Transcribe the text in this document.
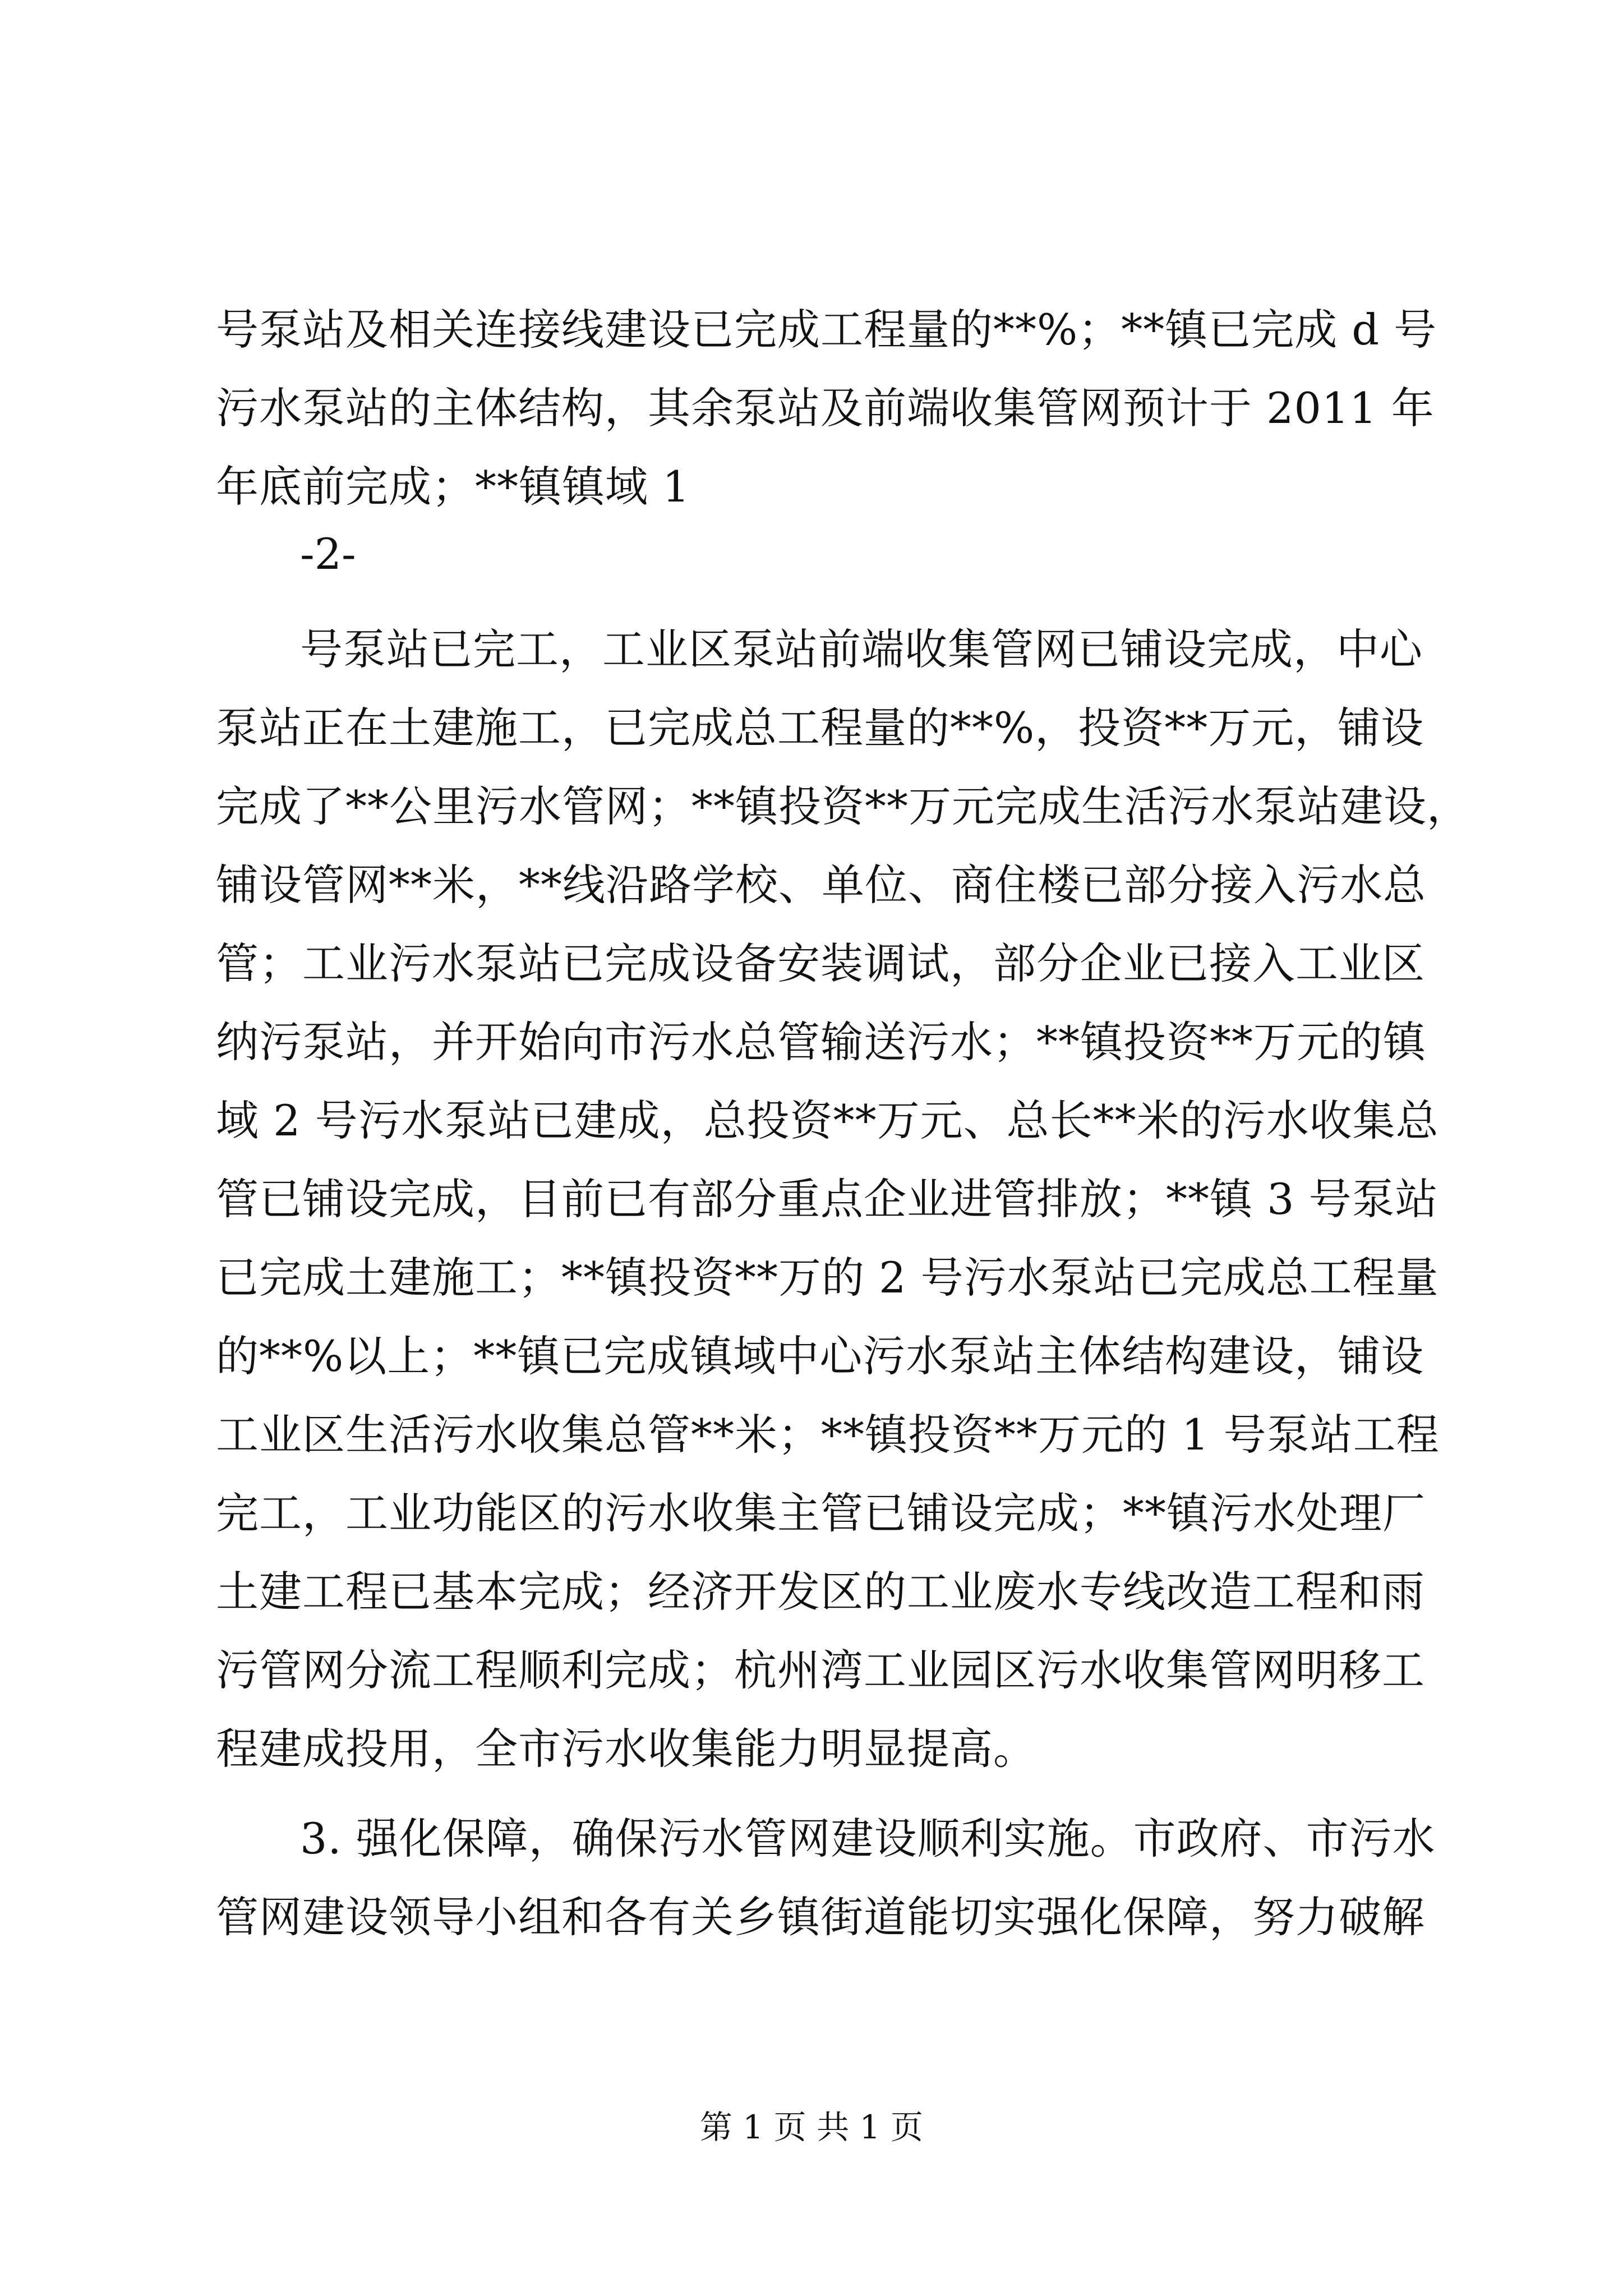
号泵站及相关连接线建设已完成工程量的**%；**镇已完成 d 号
污水泵站的主体结构，其余泵站及前端收集管网预计于 2011 年
年底前完成；**镇镇域 1
-2-
号泵站已完工，工业区泵站前端收集管网已铺设完成，中心
泵站正在土建施工，已完成总工程量的**%，投资**万元，铺设
完成了**公里污水管网；**镇投资**万元完成生活污水泵站建设，
铺设管网**米，**线沿路学校、单位、商住楼已部分接入污水总
管；工业污水泵站已完成设备安装调试，部分企业已接入工业区
纳污泵站，并开始向市污水总管输送污水；**镇投资**万元的镇
域 2 号污水泵站已建成，总投资**万元、总长**米的污水收集总
管已铺设完成，目前已有部分重点企业进管排放；**镇 3 号泵站
已完成土建施工；**镇投资**万的 2 号污水泵站已完成总工程量
的**%以上；**镇已完成镇域中心污水泵站主体结构建设，铺设
工业区生活污水收集总管**米；**镇投资**万元的 1 号泵站工程
完工，工业功能区的污水收集主管已铺设完成；**镇污水处理厂
土建工程已基本完成；经济开发区的工业废水专线改造工程和雨
污管网分流工程顺利完成；杭州湾工业园区污水收集管网明移工
程建成投用，全市污水收集能力明显提高。
3. 强化保障，确保污水管网建设顺利实施。市政府、市污水
管网建设领导小组和各有关乡镇街道能切实强化保障，努力破解
第 1 页 共 1 页
